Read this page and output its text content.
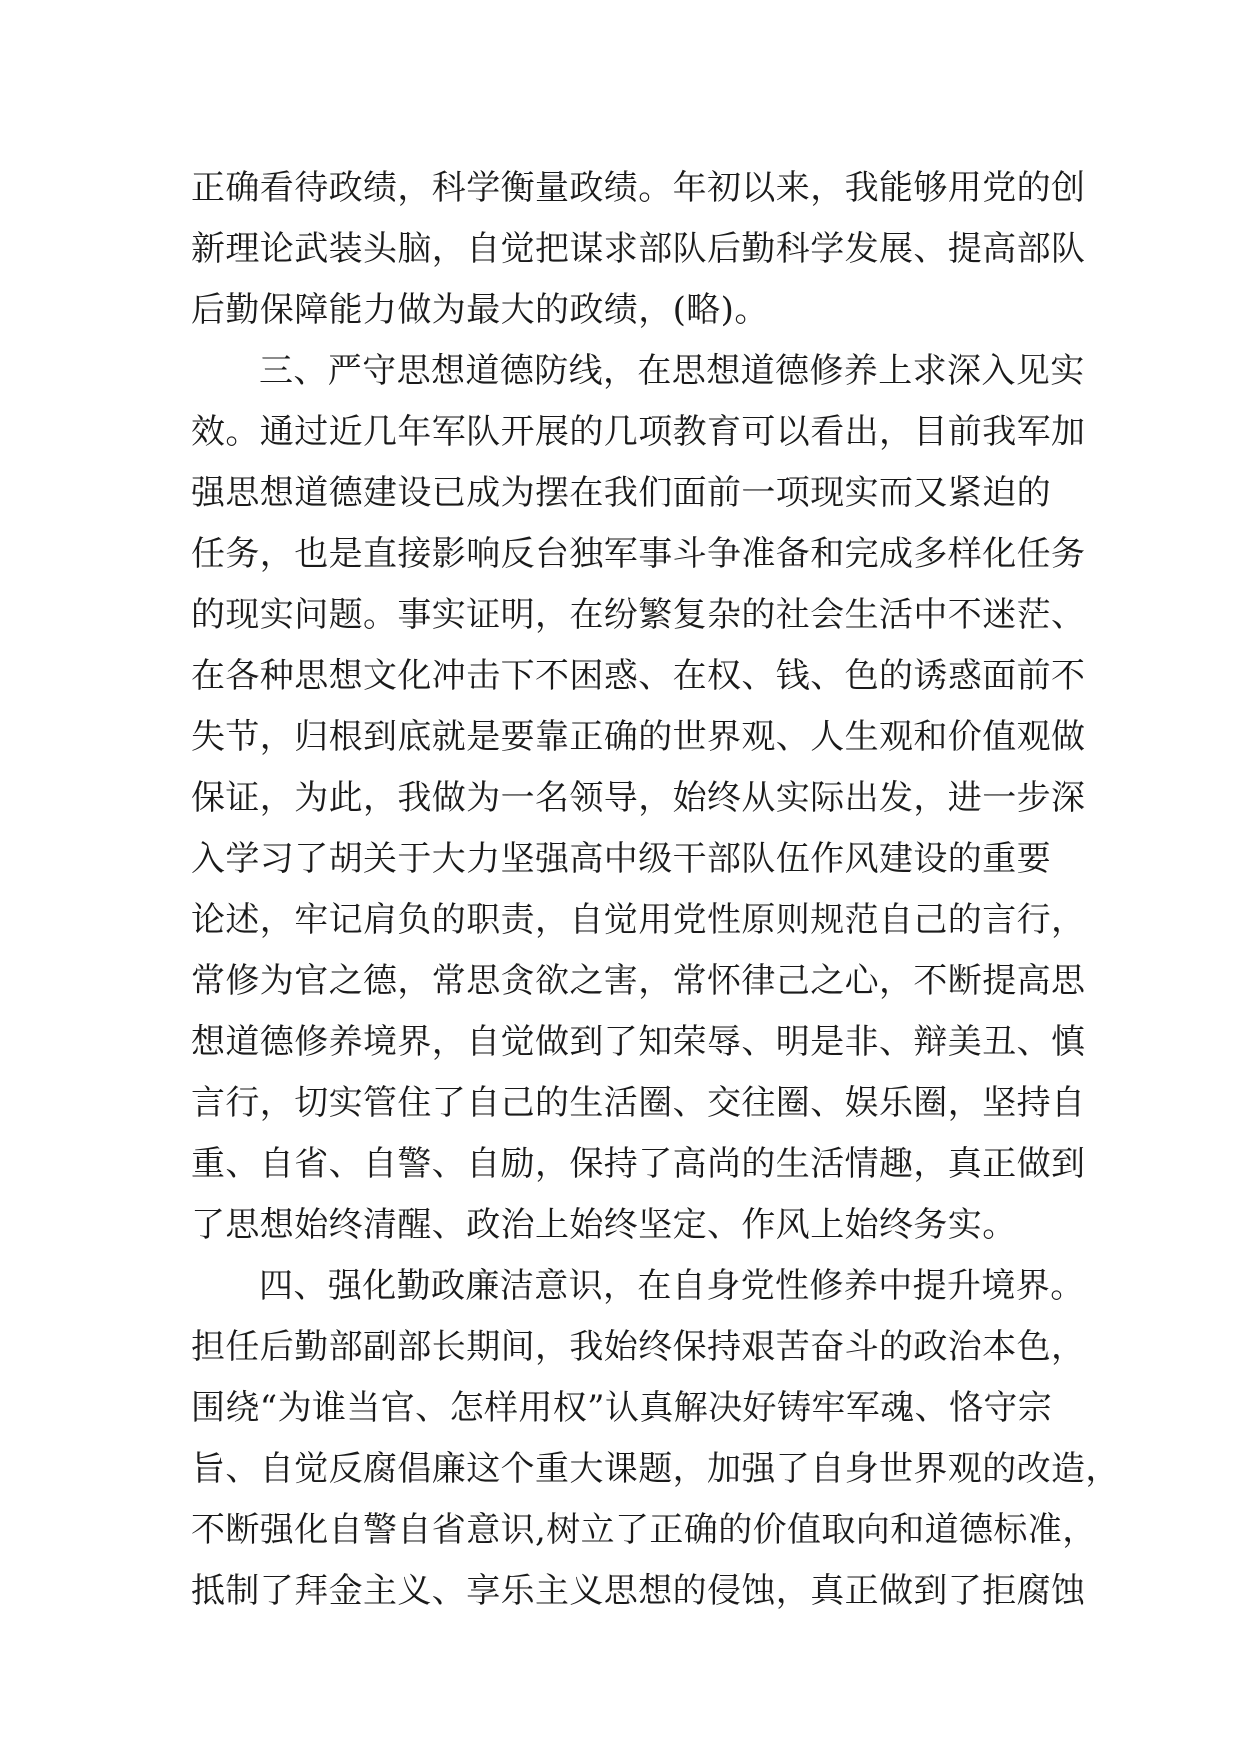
正确看待政绩，科学衡量政绩。年初以来，我能够用党的创
新理论武装头脑，自觉把谋求部队后勤科学发展、提高部队
后勤保障能力做为最大的政绩，(略)。
三、严守思想道德防线，在思想道德修养上求深入见实
效。通过近几年军队开展的几项教育可以看出，目前我军加
强思想道德建设已成为摆在我们面前一项现实而又紧迫的
任务，也是直接影响反台独军事斗争准备和完成多样化任务
的现实问题。事实证明，在纷繁复杂的社会生活中不迷茫、
在各种思想文化冲击下不困惑、在权、钱、色的诱惑面前不
失节，归根到底就是要靠正确的世界观、人生观和价值观做
保证，为此，我做为一名领导，始终从实际出发，进一步深
入学习了胡关于大力坚强高中级干部队伍作风建设的重要
论述，牢记肩负的职责，自觉用党性原则规范自己的言行，
常修为官之德，常思贪欲之害，常怀律己之心，不断提高思
想道德修养境界，自觉做到了知荣辱、明是非、辩美丑、慎
言行，切实管住了自己的生活圈、交往圈、娱乐圈，坚持自
重、自省、自警、自励，保持了高尚的生活情趣，真正做到
了思想始终清醒、政治上始终坚定、作风上始终务实。
四、强化勤政廉洁意识，在自身党性修养中提升境界。
担任后勤部副部长期间，我始终保持艰苦奋斗的政治本色，
围绕“为谁当官、怎样用权”认真解决好铸牢军魂、恪守宗
旨、自觉反腐倡廉这个重大课题，加强了自身世界观的改造，
不断强化自警自省意识,树立了正确的价值取向和道德标准，
抵制了拜金主义、享乐主义思想的侵蚀，真正做到了拒腐蚀
